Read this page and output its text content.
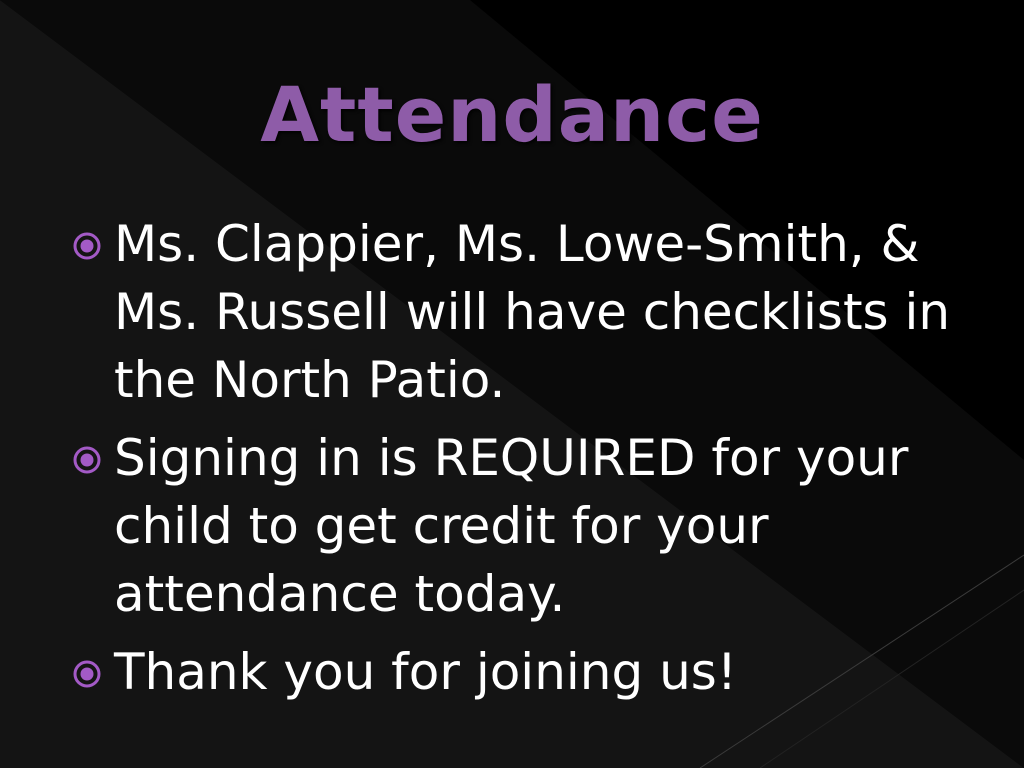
Attendance
Ms. Clappier, Ms. Lowe-Smith, & Ms. Russell will have checklists in the North Patio.
Signing in is REQUIRED for your child to get credit for your attendance today.
Thank you for joining us!
